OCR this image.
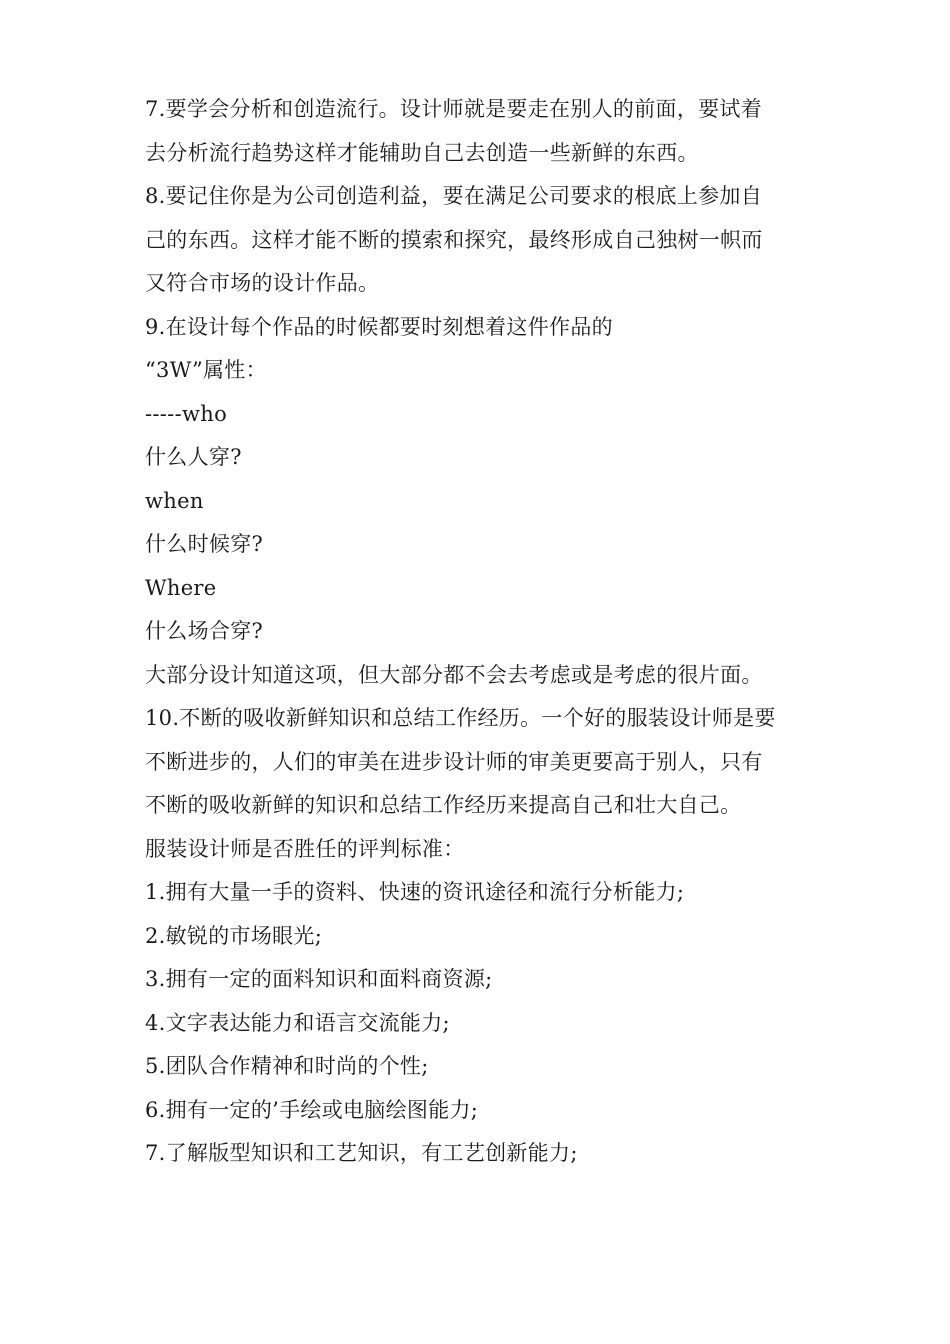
7.要学会分析和创造流行。设计师就是要走在别人的前面，要试着
去分析流行趋势这样才能辅助自己去创造一些新鲜的东西。
8.要记住你是为公司创造利益，要在满足公司要求的根底上参加自
己的东西。这样才能不断的摸索和探究，最终形成自己独树一帜而
又符合市场的设计作品。
9.在设计每个作品的时候都要时刻想着这件作品的
“3W”属性：
-----who
什么人穿?
when
什么时候穿?
Where
什么场合穿?
大部分设计知道这项，但大部分都不会去考虑或是考虑的很片面。
10.不断的吸收新鲜知识和总结工作经历。一个好的服装设计师是要
不断进步的，人们的审美在进步设计师的审美更要高于别人，只有
不断的吸收新鲜的知识和总结工作经历来提高自己和壮大自己。
服装设计师是否胜任的评判标准：
1.拥有大量一手的资料、快速的资讯途径和流行分析能力;
2.敏锐的市场眼光;
3.拥有一定的面料知识和面料商资源;
4.文字表达能力和语言交流能力;
5.团队合作精神和时尚的个性;
6.拥有一定的’手绘或电脑绘图能力;
7.了解版型知识和工艺知识，有工艺创新能力;
